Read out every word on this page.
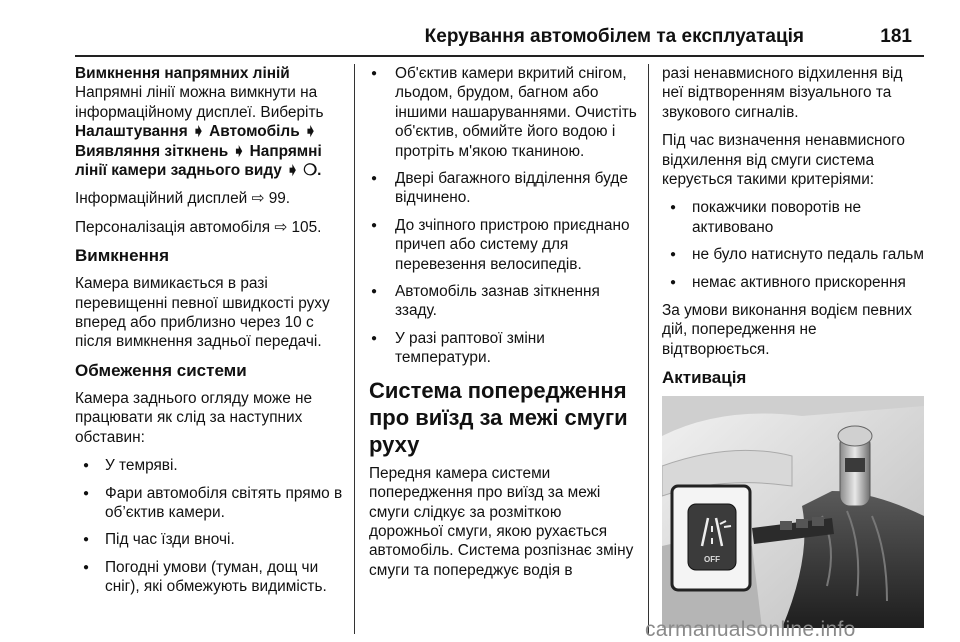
Керування автомобілем та експлуатація	181
Вимкнення напрямних ліній

Напрямні лінії можна вимкнути на інформаційному дисплеї. Виберіть Налаштування ➧ Автомобіль ➧ Виявляння зіткнень ➧ Напрямні лінії камери заднього виду ➧ ❍.

Інформаційний дисплей ⇨ 99.

Персоналізація автомобіля ⇨ 105.

Вимкнення

Камера вимикається в разі перевищенні певної швидкості руху вперед або приблизно через 10 с після вимкнення задньої передачі.

Обмеження системи

Камера заднього огляду може не працювати як слід за наступних обставин:

● У темряві.
● Фари автомобіля світять прямо в об’єктив камери.
● Під час їзди вночі.
● Погодні умови (туман, дощ чи сніг), які обмежують видимість.
● Об'єктив камери вкритий снігом, льодом, брудом, багном або іншими нашаруваннями. Очистіть об'єктив, обмийте його водою і протріть м'якою тканиною.
● Двері багажного відділення буде відчинено.
● До зчіпного пристрою приєднано причеп або систему для перевезення велосипедів.
● Автомобіль зазнав зіткнення ззаду.
● У разі раптової зміни температури.
Система попередження про виїзд за межі смуги руху

Передня камера системи попередження про виїзд за межі смуги слідкує за розміткою дорожньої смуги, якою рухається автомобіль. Система розпізнає зміну смуги та попереджує водія в

разі ненавмисного відхилення від неї відтворенням візуального та звукового сигналів.

Під час визначення ненавмисного відхилення від смуги система керується такими критеріями:

● покажчики поворотів не активовано
● не було натиснуто педаль гальм
● немає активного прискорення

За умови виконання водієм певних дій, попередження не відтворюється.

Активація
OFF
carmanualsonline.info
